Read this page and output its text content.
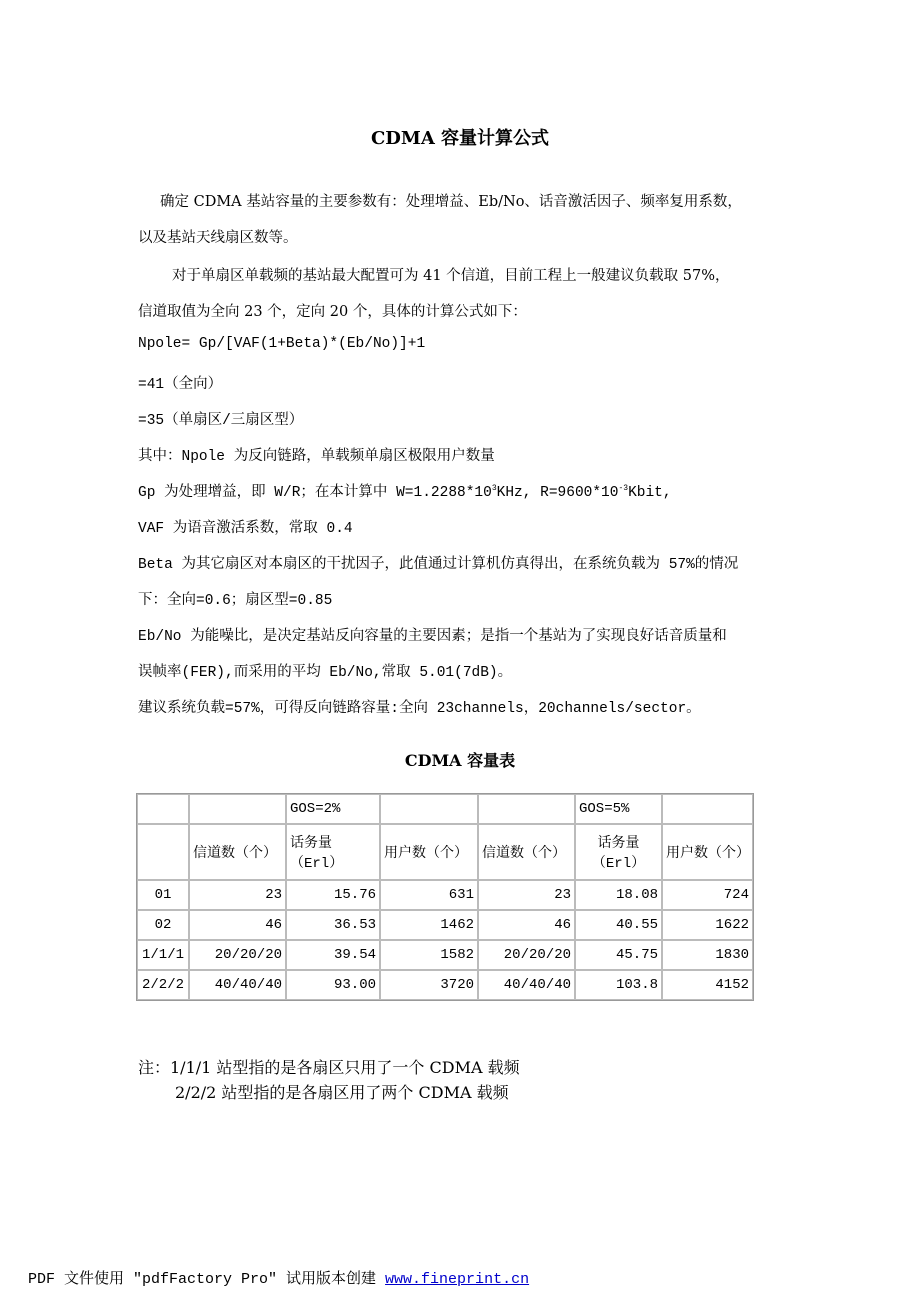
CDMA 容量计算公式
确定 CDMA 基站容量的主要参数有：处理增益、Eb/No、话音激活因子、频率复用系数，
以及基站天线扇区数等。
对于单扇区单载频的基站最大配置可为 41 个信道，目前工程上一般建议负载取 57%，
信道取值为全向 23 个，定向 20 个，具体的计算公式如下：
Npole= Gp/[VAF(1+Beta)*(Eb/No)]+1
=41（全向）
=35（单扇区/三扇区型）
其中：Npole 为反向链路，单载频单扇区极限用户数量
Gp 为处理增益，即 W/R；在本计算中 $W=1.2288*10^3KHz$, $R=9600*10^{-3}Kbit$,
VAF 为语音激活系数，常取 0.4
Beta 为其它扇区对本扇区的干扰因子，此值通过计算机仿真得出，在系统负载为 57%的情况
下：全向=0.6；扇区型=0.85
Eb/No 为能噪比，是决定基站反向容量的主要因素；是指一个基站为了实现良好话音质量和
误帧率(FER),而采用的平均 Eb/No,常取 5.01(7dB)。
建议系统负载=57%，可得反向链路容量:全向 23channels，20channels/sector。
CDMA 容量表
		GOS=2%			GOS=5%	
	信道数（个）	话务量（Erl）	用户数（个）	信道数（个）	话务量（Erl）	用户数（个）
01	23	15.76	631	23	18.08	724
02	46	36.53	1462	46	40.55	1622
1/1/1	20/20/20	39.54	1582	20/20/20	45.75	1830
2/2/2	40/40/40	93.00	3720	40/40/40	103.8	4152
注：1/1/1 站型指的是各扇区只用了一个 CDMA 载频
2/2/2 站型指的是各扇区用了两个 CDMA 载频
PDF 文件使用 "pdfFactory Pro" 试用版本创建 www.fineprint.cn
